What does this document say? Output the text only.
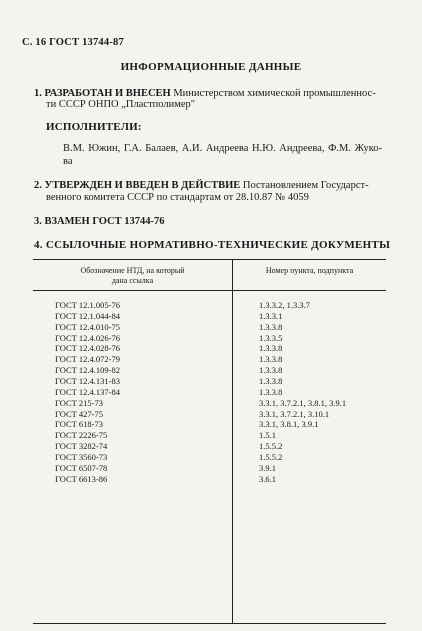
С. 16 ГОСТ 13744-87
ИНФОРМАЦИОННЫЕ ДАННЫЕ
1. РАЗРАБОТАН И ВНЕСЕН Министерством химической промышленнос-
ти СССР ОНПО „Пластполимер"
ИСПОЛНИТЕЛИ:
В.М. Южин, Г.А. Балаев, А.И. Андреева Н.Ю. Андреева, Ф.М. Жуко-
ва
2. УТВЕРЖДЕН И ВВЕДЕН В ДЕЙСТВИЕ Постановлением Государст-
венного комитета СССР по стандартам от 28.10.87 № 4059
3. ВЗАМЕН ГОСТ 13744-76
4. ССЫЛОЧНЫЕ НОРМАТИВНО-ТЕХНИЧЕСКИЕ ДОКУМЕНТЫ
Обозначение НТД, на который
дана ссылка
Номер пункта, подпункта
ГОСТ 12.1.005-76	1.3.3.2, 1.3.3.7
ГОСТ 12.1.044-84	1.3.3.1
ГОСТ 12.4.010-75	1.3.3.8
ГОСТ 12.4.026-76	1.3.3.5
ГОСТ 12.4.028-76	1.3.3.8
ГОСТ 12.4.072-79	1.3.3.8
ГОСТ 12.4.109-82	1.3.3.8
ГОСТ 12.4.131-83	1.3.3.8
ГОСТ 12.4.137-84	1.3.3.8
ГОСТ 215-73	3.3.1, 3.7.2.1, 3.8.1, 3.9.1
ГОСТ 427-75	3.3.1, 3.7.2.1, 3.10.1
ГОСТ 618-73	3.3.1, 3.8.1, 3.9.1
ГОСТ 2226-75	1.5.1
ГОСТ 3282-74	1.5.5.2
ГОСТ 3560-73	1.5.5.2
ГОСТ 6507-78	3.9.1
ГОСТ 6613-86	3.6.1
